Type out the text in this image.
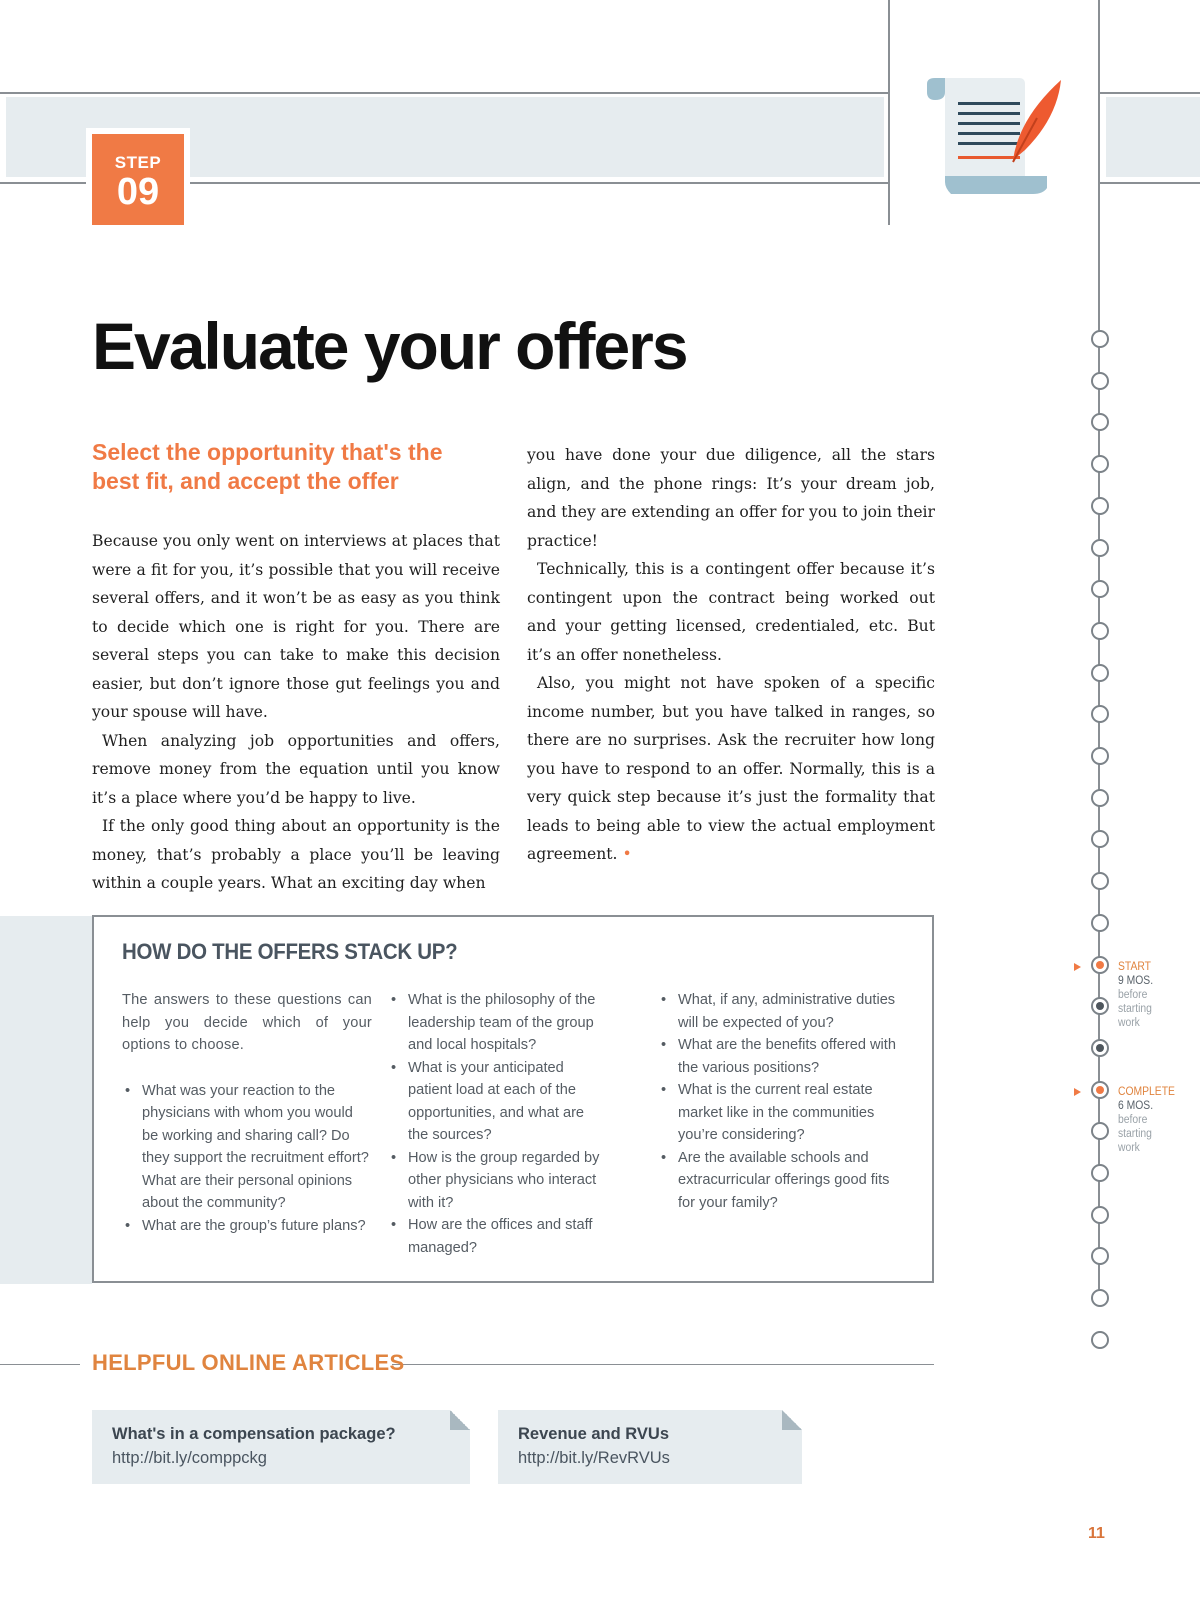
STEP
09
Evaluate your offers
Select the opportunity that's the best fit, and accept the offer

Because you only went on interviews at places that were a fit for you, it’s possible that you will receive several offers, and it won’t be as easy as you think to decide which one is right for you. There are several steps you can take to make this decision easier, but don’t ignore those gut feelings you and your spouse will have.

When analyzing job opportunities and offers, remove money from the equation until you know it’s a place where you’d be happy to live.

If the only good thing about an opportunity is the money, that’s probably a place you’ll be leaving within a couple years. What an exciting day when

you have done your due diligence, all the stars align, and the phone rings: It’s your dream job, and they are extending an offer for you to join their practice!

Technically, this is a contingent offer because it’s contingent upon the contract being worked out and your getting licensed, credentialed, etc. But it’s an offer nonetheless.

Also, you might not have spoken of a specific income number, but you have talked in ranges, so there are no surprises. Ask the recruiter how long you have to respond to an offer. Normally, this is a very quick step because it’s just the formality that leads to being able to view the actual employment agreement. •

HOW DO THE OFFERS STACK UP?

The answers to these questions can help you decide which of your options to choose.

• What was your reaction to the physicians with whom you would be working and sharing call? Do they support the recruitment effort? What are their personal opinions about the community?
• What are the group’s future plans?
• What is the philosophy of the leadership team of the group and local hospitals?
• What is your anticipated patient load at each of the opportunities, and what are the sources?
• How is the group regarded by other physicians who interact with it?
• How are the offices and staff managed?
• What, if any, administrative duties will be expected of you?
• What are the benefits offered with the various positions?
• What is the current real estate market like in the communities you’re considering?
• Are the available schools and extracurricular offerings good fits for your family?
HELPFUL ONLINE ARTICLES
What's in a compensation package?
http://bit.ly/comppckg
Revenue and RVUs
http://bit.ly/RevRVUs
11
START
9 MOS.
before
starting
work
COMPLETE
6 MOS.
before
starting
work
